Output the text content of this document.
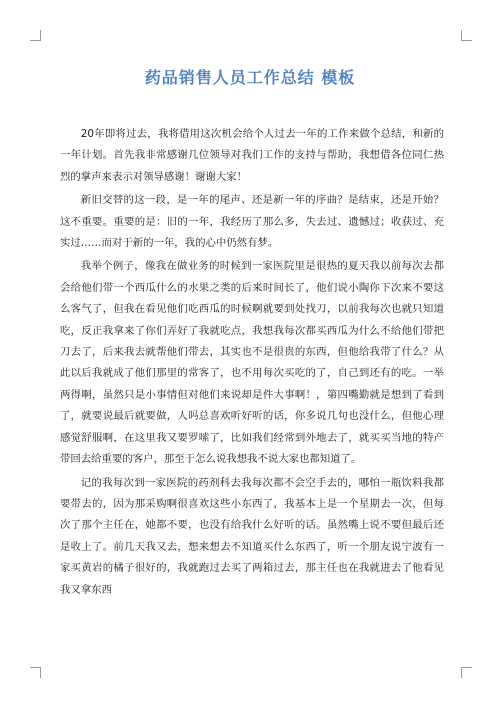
药品销售人员工作总结 模板

20年即将过去，我将借用这次机会给个人过去一年的工作来做个总结，和新的一年计划。首先我非常感谢几位领导对我们工作的支持与帮助，我想借各位同仁热烈的掌声来表示对领导感谢！谢谢大家！

新旧交替的这一段，是一年的尾声、还是新一年的序曲？是结束，还是开始？这不重要。重要的是：旧的一年，我经历了那么多，失去过、遗憾过；收获过、充实过……而对于新的一年，我的心中仍然有梦。

我举个例子，像我在做业务的时候到一家医院里是很热的夏天我以前每次去都会给他们带一个西瓜什么的水果之类的后来时间长了，他们说小陶你下次来不要这么客气了，但我在看见他们吃西瓜的时候啊就要到处找刀，以前我每次也就只知道吃，反正我拿来了你们弄好了我就吃点，我想我每次都买西瓜为什么不给他们带把刀去了，后来我去就帮他们带去，其实也不是很贵的东西，但他给我带了什么？从此以后我就成了他们那里的常客了，也不用每次买吃的了，自己到还有的吃。一举两得啊，虽然只是小事情但对他们来说却是件大事啊！，第四嘴勤就是想到了看到了，就要说最后就要做，人吗总喜欢听好听的话，你多说几句也没什么，但他心理感觉舒服啊，在这里我又要罗嗦了，比如我们经常到外地去了，就买买当地的特产带回去给重要的客户，那至于怎么说我想我不说大家也都知道了。

记的我每次到一家医院的药剂科去我每次都不会空手去的，哪怕一瓶饮料我都要带去的，因为那采购啊很喜欢这些小东西了，我基本上是一个星期去一次，但每次了那个主任在，她都不要，也没有给我什么好听的话。虽然嘴上说不要但最后还是收上了。前几天我又去，想来想去不知道买什么东西了，听一个朋友说宁波有一家买黄岩的橘子很好的，我就跑过去买了两箱过去，那主任也在我就进去了他看见我又拿东西
